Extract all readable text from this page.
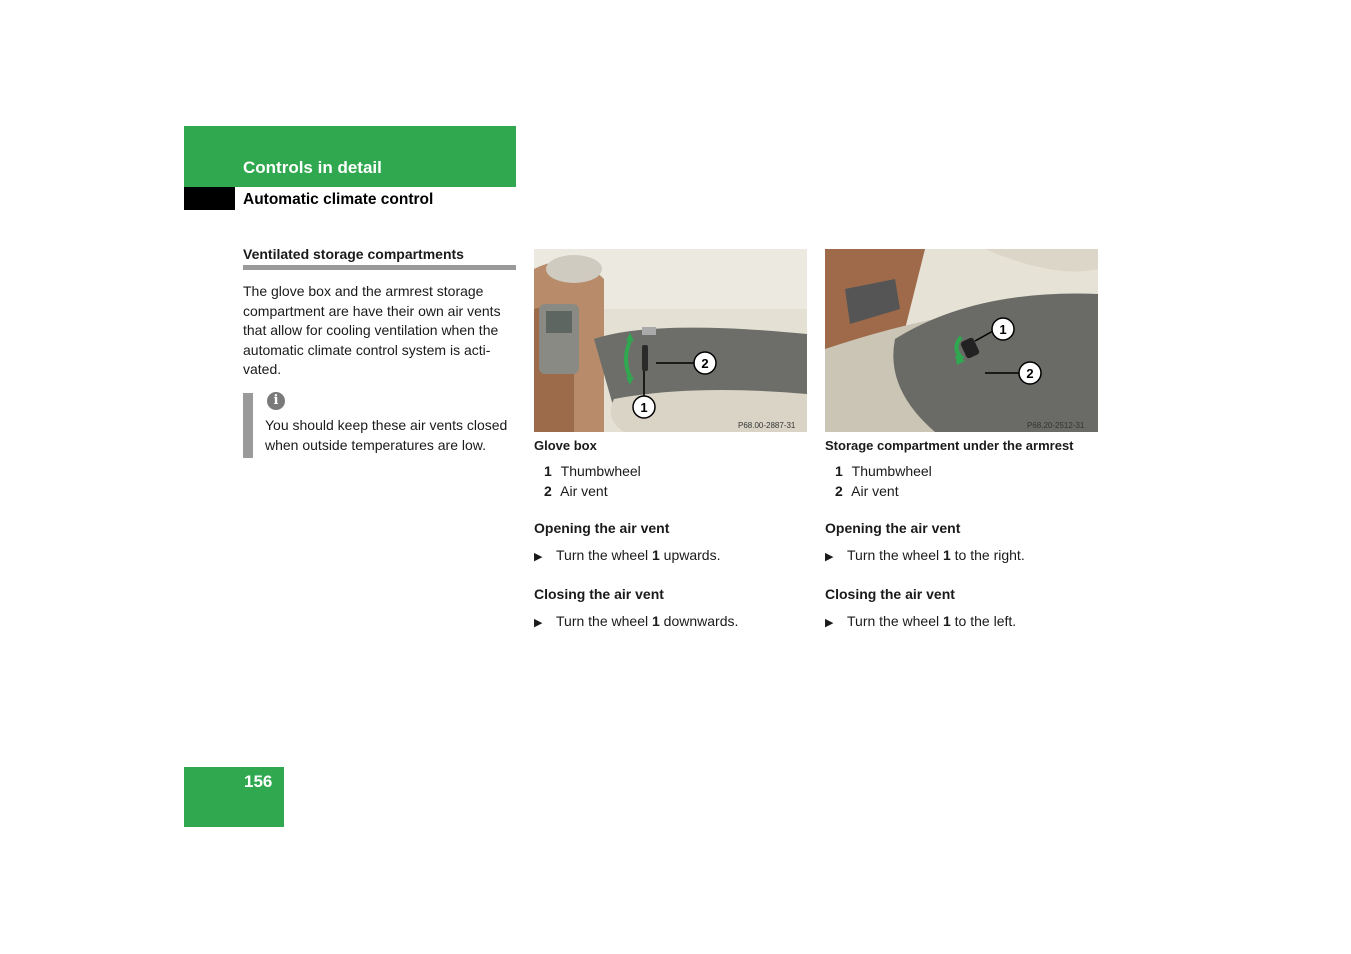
Controls in detail
Automatic climate control
Ventilated storage compartments
The glove box and the armrest storage compartment are have their own air vents that allow for cooling ventilation when the automatic climate control system is acti-vated.
i
You should keep these air vents closed when outside temperatures are low.
2
1
P68.00-2887-31
1
2
P68.20-2512-31
Glove box
1 Thumbwheel
2 Air vent
Opening the air vent
▶ Turn the wheel 1 upwards.
Closing the air vent
▶ Turn the wheel 1 downwards.
Storage compartment under the armrest
1 Thumbwheel
2 Air vent
Opening the air vent
▶ Turn the wheel 1 to the right.
Closing the air vent
▶ Turn the wheel 1 to the left.
156
